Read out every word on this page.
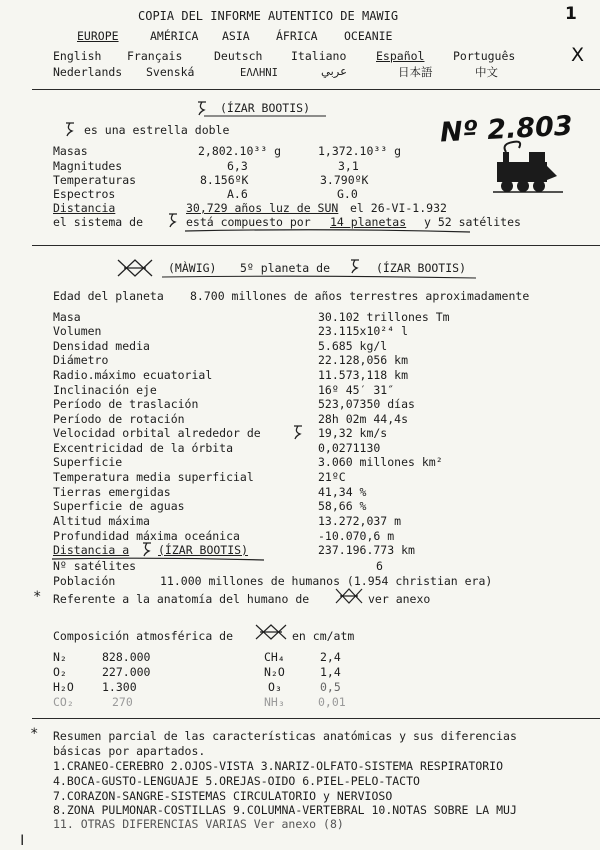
COPIA DEL INFORME AUTENTICO DE MAWIG	1
EUROPE	AMÉRICA ASIA ÁFRICA OCEANIE
English Français	Deutsch Italiano	Español Português	X
Nederlands Svenská	ΕΛΛΗΝΙ	عربي	日本語	中文
(ÍZAR BOOTIS)
es una estrella doble	Nº 2.803
Masas	2,802.10³³ g	1,372.10³³ g
Magnitudes	6,3	3,1
Temperaturas	8.156ºK	3.790ºK
Espectros	A.6	G.0
Distancia	30,729 años luz de SUN el 26-VI-1.932
el sistema de	está compuesto por 14 planetas y 52 satélites
(MÀWIG) 5º planeta de	(ÍZAR BOOTIS)
Edad del planeta 8.700 millones de años terrestres aproximadamente
Masa	30.102 trillones Tm
Volumen	23.115x10²⁴ l
Densidad media	5.685 kg/l
Diámetro	22.128,056 km
Radio.máximo ecuatorial	11.573,118 km
Inclinación eje	16º 45′ 31″
Período de traslación	523,07350 días
Período de rotación	28h 02m 44,4s
Velocidad orbital alrededor de	19,32 km/s
Excentricidad de la órbita	0,0271130
Superficie	3.060 millones km²
Temperatura media superficial	21ºC
Tierras emergidas	41,34 %
Superficie de aguas	58,66 %
Altitud máxima	13.272,037 m
Profundidad máxima oceánica	-10.070,6 m
Distancia a	(ÍZAR BOOTIS)	237.196.773 km
Nº satélites	6
Población	11.000 millones de humanos (1.954 christian era)
* Referente a la anatomía del humano de	ver anexo
Composición atmosférica de	en cm/atm
N₂	828.000	CH₄	2,4
O₂	227.000	N₂O	1,4
H₂O 1.300	O₃	0,5
CO₂	270	NH₃	0,01
* Resumen parcial de las características anatómicas y sus diferencias
básicas por apartados.
1.CRANEO-CEREBRO 2.OJOS-VISTA 3.NARIZ-OLFATO-SISTEMA RESPIRATORIO
4.BOCA-GUSTO-LENGUAJE 5.OREJAS-OIDO 6.PIEL-PELO-TACTO
7.CORAZON-SANGRE-SISTEMAS CIRCULATORIO y NERVIOSO
8.ZONA PULMONAR-COSTILLAS 9.COLUMNA-VERTEBRAL 10.NOTAS SOBRE LA MUJ
11. OTRAS DIFERENCIAS VARIAS Ver anexo (8)
ǀ
